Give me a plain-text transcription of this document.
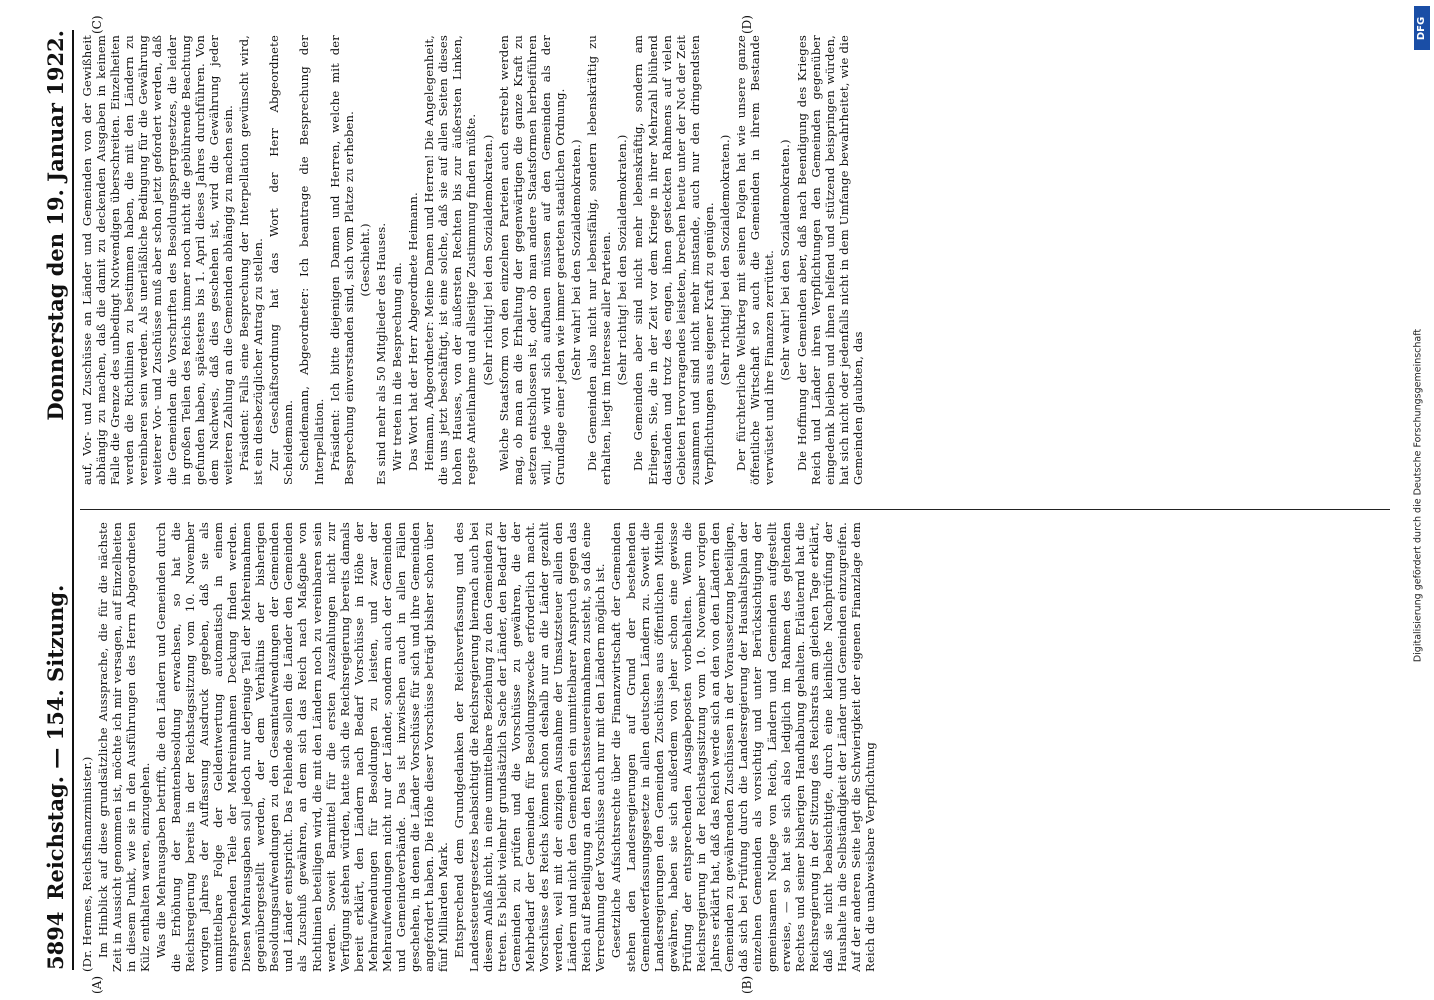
5894
Reichstag. — 154. Sitzung.
Donnerstag den 19. Januar 1922.

(Dr. Hermes, Reichsfinanzminister.) Im Hinblick auf diese grundsätzliche Aussprache, die für die nächste Zeit in Aussicht genommen ist, möchte ich mir versagen, auf Einzelheiten in diesem Punkt, wie sie in den Ausführungen des Herrn Abgeordneten Külz enthalten waren, einzugehen. Was die Mehrausgaben betrifft, die den Ländern und Gemeinden durch die Erhöhung der Beamtenbesoldung erwachsen, so hat die Reichsregierung bereits in der Reichstagssitzung vom 10. November vorigen Jahres der Auffassung Ausdruck gegeben, daß sie als unmittelbare Folge der Geldentwertung automatisch in einem entsprechenden Teile der Mehreinnahmen Deckung finden werden. Diesen Mehrausgaben soll jedoch nur derjenige Teil der Mehreinnahmen gegenübergestellt werden, der dem Verhältnis der bisherigen Besoldungsaufwendungen zu den Gesamtaufwendungen der Gemeinden und Länder entspricht. Das Fehlende sollen die Länder den Gemeinden als Zuschuß gewähren, an dem sich das Reich nach Maßgabe von Richtlinien beteiligen wird, die mit den Ländern noch zu vereinbaren sein werden. Soweit Barmittel für die ersten Auszahlungen nicht zur Verfügung stehen würden, hatte sich die Reichsregierung bereits damals bereit erklärt, den Ländern nach Bedarf Vorschüsse in Höhe der Mehraufwendungen für Besoldungen zu leisten, und zwar der Mehraufwendungen nicht nur der Länder, sondern auch der Gemeinden und Gemeindeverbände. Das ist inzwischen auch in allen Fällen geschehen, in denen die Länder Vorschüsse für sich und ihre Gemeinden angefordert haben. Die Höhe dieser Vorschüsse beträgt bisher schon über fünf Milliarden Mark. Entsprechend dem Grundgedanken der Reichsverfassung und des Landessteuergesetzes beabsichtigt die Reichsregierung hiernach auch bei diesem Anlaß nicht, in eine unmittelbare Beziehung zu den Gemeinden zu treten. Es bleibt vielmehr grundsätzlich Sache der Länder, den Bedarf der Gemeinden zu prüfen und die Vorschüsse zu gewähren, die der Mehrbedarf der Gemeinden für Besoldungszwecke erforderlich macht. Vorschüsse des Reichs können schon deshalb nur an die Länder gezahlt werden, weil mit der einzigen Ausnahme der Umsatzsteuer allein den Ländern und nicht den Gemeinden ein unmittelbarer Anspruch gegen das Reich auf Beteiligung an den Reichssteuereinnahmen zusteht, so daß eine Verrechnung der Vorschüsse auch nur mit den Ländern möglich ist. Gesetzliche Aufsichtsrechte über die Finanzwirtschaft der Gemeinden stehen den Landesregierungen auf Grund der bestehenden Gemeindeverfassungsgesetze in allen deutschen Ländern zu. Soweit die Landesregierungen den Gemeinden Zuschüsse aus öffentlichen Mitteln gewähren, haben sie sich außerdem von jeher schon eine gewisse Prüfung der entsprechenden Ausgabeposten vorbehalten. Wenn die Reichsregierung in der Reichstagssitzung vom 10. November vorigen Jahres erklärt hat, daß das Reich werde sich an den von den Ländern den Gemeinden zu gewährenden Zuschüssen in der Voraussetzung beteiligen, daß sich bei Prüfung durch die Landesregierung der Haushaltsplan der einzelnen Gemeinden als vorsichtig und unter Berücksichtigung der gemeinsamen Notlage von Reich, Ländern und Gemeinden aufgestellt erweise, — so hat sie sich also lediglich im Rahmen des geltenden Rechtes und seiner bisherigen Handhabung gehalten. Erläuternd hat die Reichsregierung in der Sitzung des Reichsrats am gleichen Tage erklärt, daß sie nicht beabsichtigte, durch eine kleinliche Nachprüfung der Haushalte in die Selbständigkeit der Länder und Gemeinden einzugreifen. Auf der anderen Seite legt die Schwierigkeit der eigenen Finanzlage dem Reich die unabweisbare Verpflichtung

auf, Vor- und Zuschüsse an Länder und Gemeinden von der Gewißheit abhängig zu machen, daß die damit zu deckenden Ausgaben in keinem Falle die Grenze des unbedingt Notwendigen überschreiten. Einzelheiten werden die Richtlinien zu bestimmen haben, die mit den Ländern zu vereinbaren sein werden. Als unerläßliche Bedingung für die Gewährung weiterer Vor- und Zuschüsse muß aber schon jetzt gefordert werden, daß die Gemeinden die Vorschriften des Besoldungssperrgesetzes, die leider in großen Teilen des Reichs immer noch nicht die gebührende Beachtung gefunden haben, spätestens bis 1. April dieses Jahres durchführen. Von dem Nachweis, daß dies geschehen ist, wird die Gewährung jeder weiteren Zahlung an die Gemeinden abhängig zu machen sein. Präsident: Falls eine Besprechung der Interpellation gewünscht wird, ist ein diesbezüglicher Antrag zu stellen. Zur Geschäftsordnung hat das Wort der Herr Abgeordnete Scheidemann. Scheidemann, Abgeordneter: Ich beantrage die Besprechung der Interpellation. Präsident: Ich bitte diejenigen Damen und Herren, welche mit der Besprechung einverstanden sind, sich vom Platze zu erheben. (Geschieht.) Es sind mehr als 50 Mitglieder des Hauses. Wir treten in die Besprechung ein. Das Wort hat der Herr Abgeordnete Heimann. Heimann, Abgeordneter: Meine Damen und Herren! Die Angelegenheit, die uns jetzt beschäftigt, ist eine solche, daß sie auf allen Seiten dieses hohen Hauses, von der äußersten Rechten bis zur äußersten Linken, regste Anteilnahme und allseitige Zustimmung finden müßte. (Sehr richtig! bei den Sozialdemokraten.) Welche Staatsform von den einzelnen Parteien auch erstrebt werden mag, ob man an die Erhaltung der gegenwärtigen die ganze Kraft zu setzen entschlossen ist, oder ob man andere Staatsformen herbeiführen will, jede wird sich aufbauen müssen auf den Gemeinden als der Grundlage einer jeden wie immer gearteten staatlichen Ordnung. (Sehr wahr! bei den Sozialdemokraten.) Die Gemeinden also nicht nur lebensfähig, sondern lebenskräftig zu erhalten, liegt im Interesse aller Parteien. (Sehr richtig! bei den Sozialdemokraten.) Die Gemeinden aber sind nicht mehr lebenskräftig, sondern am Erliegen. Sie, die in der Zeit vor dem Kriege in ihrer Mehrzahl blühend dastanden und trotz des engen, ihnen gesteckten Rahmens auf vielen Gebieten Hervorragendes leisteten, brechen heute unter der Not der Zeit zusammen und sind nicht mehr imstande, auch nur den dringendsten Verpflichtungen aus eigener Kraft zu genügen. (Sehr richtig! bei den Sozialdemokraten.) Der fürchterliche Weltkrieg mit seinen Folgen hat wie unsere ganze öffentliche Wirtschaft so auch die Gemeinden in ihrem Bestande verwüstet und ihre Finanzen zerrüttet. (Sehr wahr! bei den Sozialdemokraten.) Die Hoffnung der Gemeinden aber, daß nach Beendigung des Krieges Reich und Länder ihren Verpflichtungen den Gemeinden gegenüber eingedenk bleiben und ihnen helfend und stützend beispringen würden, hat sich nicht oder jedenfalls nicht in dem Umfange bewahrheitet, wie die Gemeinden glaubten, das

(A)	(B)
(C)	(D)	DFG
Digitalisierung gefördert durch die Deutsche Forschungsgemeinschaft
